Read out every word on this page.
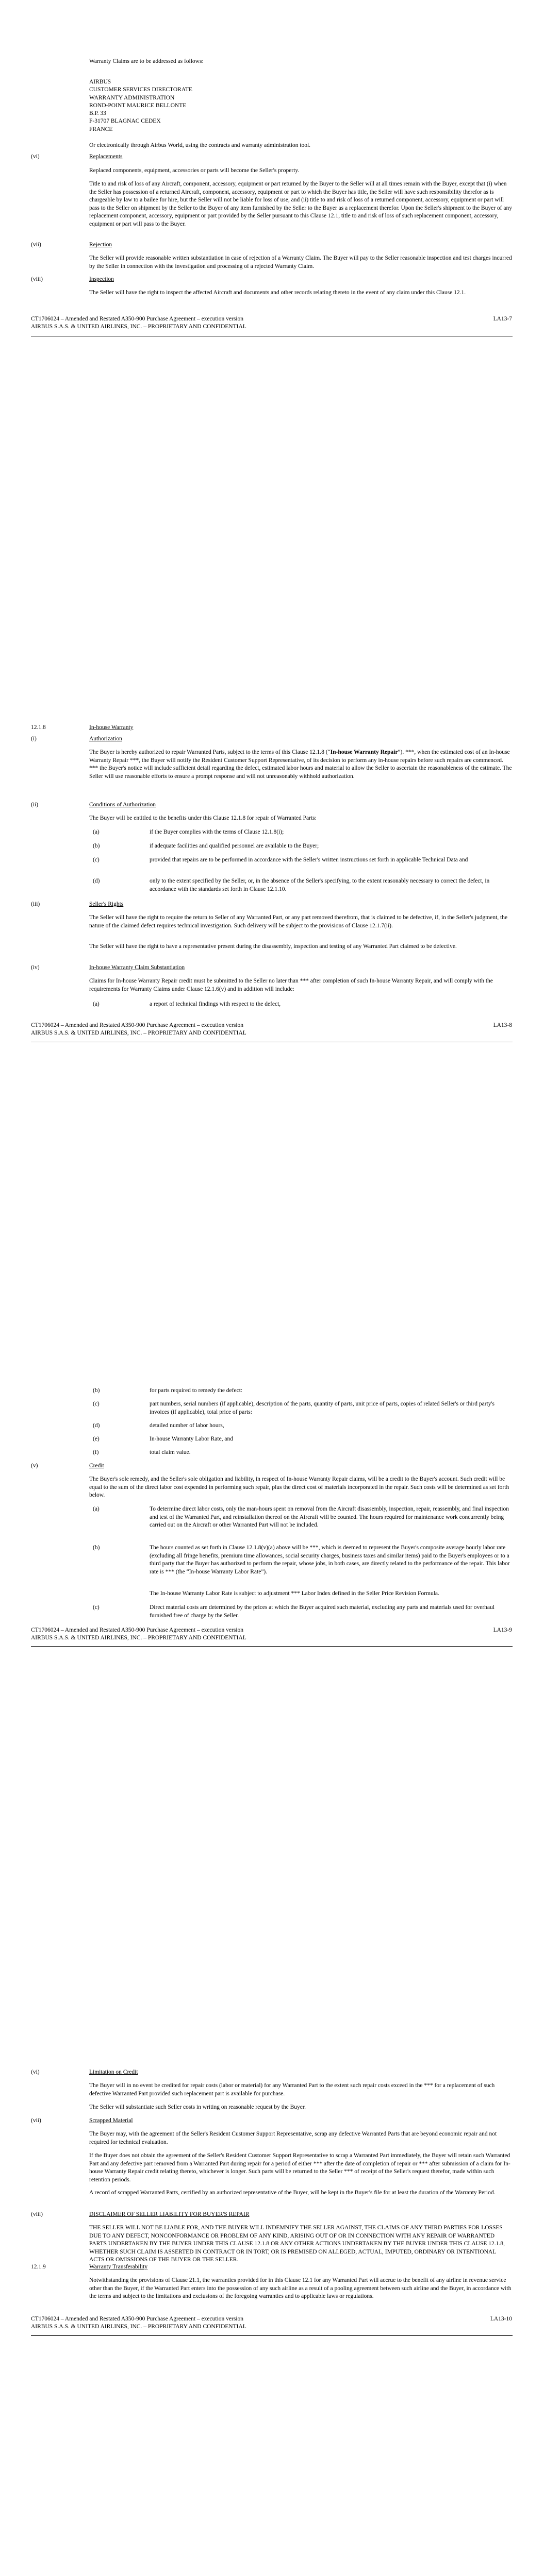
Warranty Claims are to be addressed as follows:

AIRBUS
CUSTOMER SERVICES DIRECTORATE
WARRANTY ADMINISTRATION
ROND-POINT MAURICE BELLONTE
B.P. 33
F-31707 BLAGNAC CEDEX
FRANCE

Or electronically through Airbus World, using the contracts and warranty administration tool.

(vi)	Replacements

Replaced components, equipment, accessories or parts will become the Seller's property.

Title to and risk of loss of any Aircraft, component, accessory, equipment or part returned by the Buyer to the Seller will at all times remain with the Buyer, except that (i) when the Seller has possession of a returned Aircraft, component, accessory, equipment or part to which the Buyer has title, the Seller will have such responsibility therefor as is chargeable by law to a bailee for hire, but the Seller will not be liable for loss of use, and (ii) title to and risk of loss of a returned component, accessory, equipment or part will pass to the Seller on shipment by the Seller to the Buyer of any item furnished by the Seller to the Buyer as a replacement therefor. Upon the Seller's shipment to the Buyer of any replacement component, accessory, equipment or part provided by the Seller pursuant to this Clause 12.1, title to and risk of loss of such replacement component, accessory, equipment or part will pass to the Buyer.

(vii)	Rejection

The Seller will provide reasonable written substantiation in case of rejection of a Warranty Claim. The Buyer will pay to the Seller reasonable inspection and test charges incurred by the Seller in connection with the investigation and processing of a rejected Warranty Claim.

(viii)	Inspection

The Seller will have the right to inspect the affected Aircraft and documents and other records relating thereto in the event of any claim under this Clause 12.1.

CT1706024 – Amended and Restated A350-900 Purchase Agreement – execution version
AIRBUS S.A.S. & UNITED AIRLINES, INC. – PROPRIETARY AND CONFIDENTIAL
LA13-7
12.1.8	In-house Warranty
(i)	Authorization

The Buyer is hereby authorized to repair Warranted Parts, subject to the terms of this Clause 12.1.8 (“In-house Warranty Repair”). ***, when the estimated cost of an In-house Warranty Repair ***, the Buyer will notify the Resident Customer Support Representative, of its decision to perform any in-house repairs before such repairs are commenced. *** the Buyer's notice will include sufficient detail regarding the defect, estimated labor hours and material to allow the Seller to ascertain the reasonableness of the estimate. The Seller will use reasonable efforts to ensure a prompt response and will not unreasonably withhold authorization.

(ii)	Conditions of Authorization

The Buyer will be entitled to the benefits under this Clause 12.1.8 for repair of Warranted Parts:

(a)	if the Buyer complies with the terms of Clause 12.1.8(i);

(b)	if adequate facilities and qualified personnel are available to the Buyer;

(c)	provided that repairs are to be performed in accordance with the Seller's written instructions set forth in applicable Technical Data and

(d)	only to the extent specified by the Seller, or, in the absence of the Seller's specifying, to the extent reasonably necessary to correct the defect, in accordance with the standards set forth in Clause 12.1.10.

(iii)	Seller's Rights

The Seller will have the right to require the return to Seller of any Warranted Part, or any part removed therefrom, that is claimed to be defective, if, in the Seller's judgment, the nature of the claimed defect requires technical investigation. Such delivery will be subject to the provisions of Clause 12.1.7(ii).

The Seller will have the right to have a representative present during the disassembly, inspection and testing of any Warranted Part claimed to be defective.

(iv)	In-house Warranty Claim Substantiation

Claims for In-house Warranty Repair credit must be submitted to the Seller no later than *** after completion of such In-house Warranty Repair, and will comply with the requirements for Warranty Claims under Clause 12.1.6(v) and in addition will include:

(a)	a report of technical findings with respect to the defect,

CT1706024 – Amended and Restated A350-900 Purchase Agreement – execution version
AIRBUS S.A.S. & UNITED AIRLINES, INC. – PROPRIETARY AND CONFIDENTIAL
LA13-8
(b)	for parts required to remedy the defect:

(c)	part numbers, serial numbers (if applicable), description of the parts, quantity of parts, unit price of parts, copies of related Seller's or third party's invoices (if applicable), total price of parts:

(d)	detailed number of labor hours,

(e)	In-house Warranty Labor Rate, and

(f)	total claim value.

(v)	Credit

The Buyer's sole remedy, and the Seller's sole obligation and liability, in respect of In-house Warranty Repair claims, will be a credit to the Buyer's account. Such credit will be equal to the sum of the direct labor cost expended in performing such repair, plus the direct cost of materials incorporated in the repair. Such costs will be determined as set forth below.

(a)	To determine direct labor costs, only the man-hours spent on removal from the Aircraft disassembly, inspection, repair, reassembly, and final inspection and test of the Warranted Part, and reinstallation thereof on the Aircraft will be counted. The hours required for maintenance work concurrently being carried out on the Aircraft or other Warranted Part will not be included.

(b)	The hours counted as set forth in Clause 12.1.8(v)(a) above will be ***, which is deemed to represent the Buyer's composite average hourly labor rate (excluding all fringe benefits, premium time allowances, social security charges, business taxes and similar items) paid to the Buyer's employees or to a third party that the Buyer has authorized to perform the repair, whose jobs, in both cases, are directly related to the performance of the repair. This labor rate is *** (the “In-house Warranty Labor Rate”).

The In-house Warranty Labor Rate is subject to adjustment *** Labor Index defined in the Seller Price Revision Formula.

(c)	Direct material costs are determined by the prices at which the Buyer acquired such material, excluding any parts and materials used for overhaul furnished free of charge by the Seller.

CT1706024 – Amended and Restated A350-900 Purchase Agreement – execution version
AIRBUS S.A.S. & UNITED AIRLINES, INC. – PROPRIETARY AND CONFIDENTIAL
LA13-9
(vi)	Limitation on Credit

The Buyer will in no event be credited for repair costs (labor or material) for any Warranted Part to the extent such repair costs exceed in the *** for a replacement of such defective Warranted Part provided such replacement part is available for purchase.

The Seller will substantiate such Seller costs in writing on reasonable request by the Buyer.

(vii)	Scrapped Material

The Buyer may, with the agreement of the Seller's Resident Customer Support Representative, scrap any defective Warranted Parts that are beyond economic repair and not required for technical evaluation.

If the Buyer does not obtain the agreement of the Seller's Resident Customer Support Representative to scrap a Warranted Part immediately, the Buyer will retain such Warranted Part and any defective part removed from a Warranted Part during repair for a period of either *** after the date of completion of repair or *** after submission of a claim for In-house Warranty Repair credit relating thereto, whichever is longer. Such parts will be returned to the Seller *** of receipt of the Seller's request therefor, made within such retention periods.

A record of scrapped Warranted Parts, certified by an authorized representative of the Buyer, will be kept in the Buyer's file for at least the duration of the Warranty Period.

(viii)	DISCLAIMER OF SELLER LIABILITY FOR BUYER'S REPAIR

THE SELLER WILL NOT BE LIABLE FOR, AND THE BUYER WILL INDEMNIFY THE SELLER AGAINST, THE CLAIMS OF ANY THIRD PARTIES FOR LOSSES DUE TO ANY DEFECT, NONCONFORMANCE OR PROBLEM OF ANY KIND, ARISING OUT OF OR IN CONNECTION WITH ANY REPAIR OF WARRANTED PARTS UNDERTAKEN BY THE BUYER UNDER THIS CLAUSE 12.1.8 OR ANY OTHER ACTIONS UNDERTAKEN BY THE BUYER UNDER THIS CLAUSE 12.1.8, WHETHER SUCH CLAIM IS ASSERTED IN CONTRACT OR IN TORT, OR IS PREMISED ON ALLEGED, ACTUAL, IMPUTED, ORDINARY OR INTENTIONAL ACTS OR OMISSIONS OF THE BUYER OR THE SELLER.

12.1.9	Warranty Transferability

Notwithstanding the provisions of Clause 21.1, the warranties provided for in this Clause 12.1 for any Warranted Part will accrue to the benefit of any airline in revenue service other than the Buyer, if the Warranted Part enters into the possession of any such airline as a result of a pooling agreement between such airline and the Buyer, in accordance with the terms and subject to the limitations and exclusions of the foregoing warranties and to applicable laws or regulations.

CT1706024 – Amended and Restated A350-900 Purchase Agreement – execution version
AIRBUS S.A.S. & UNITED AIRLINES, INC. – PROPRIETARY AND CONFIDENTIAL
LA13-10
